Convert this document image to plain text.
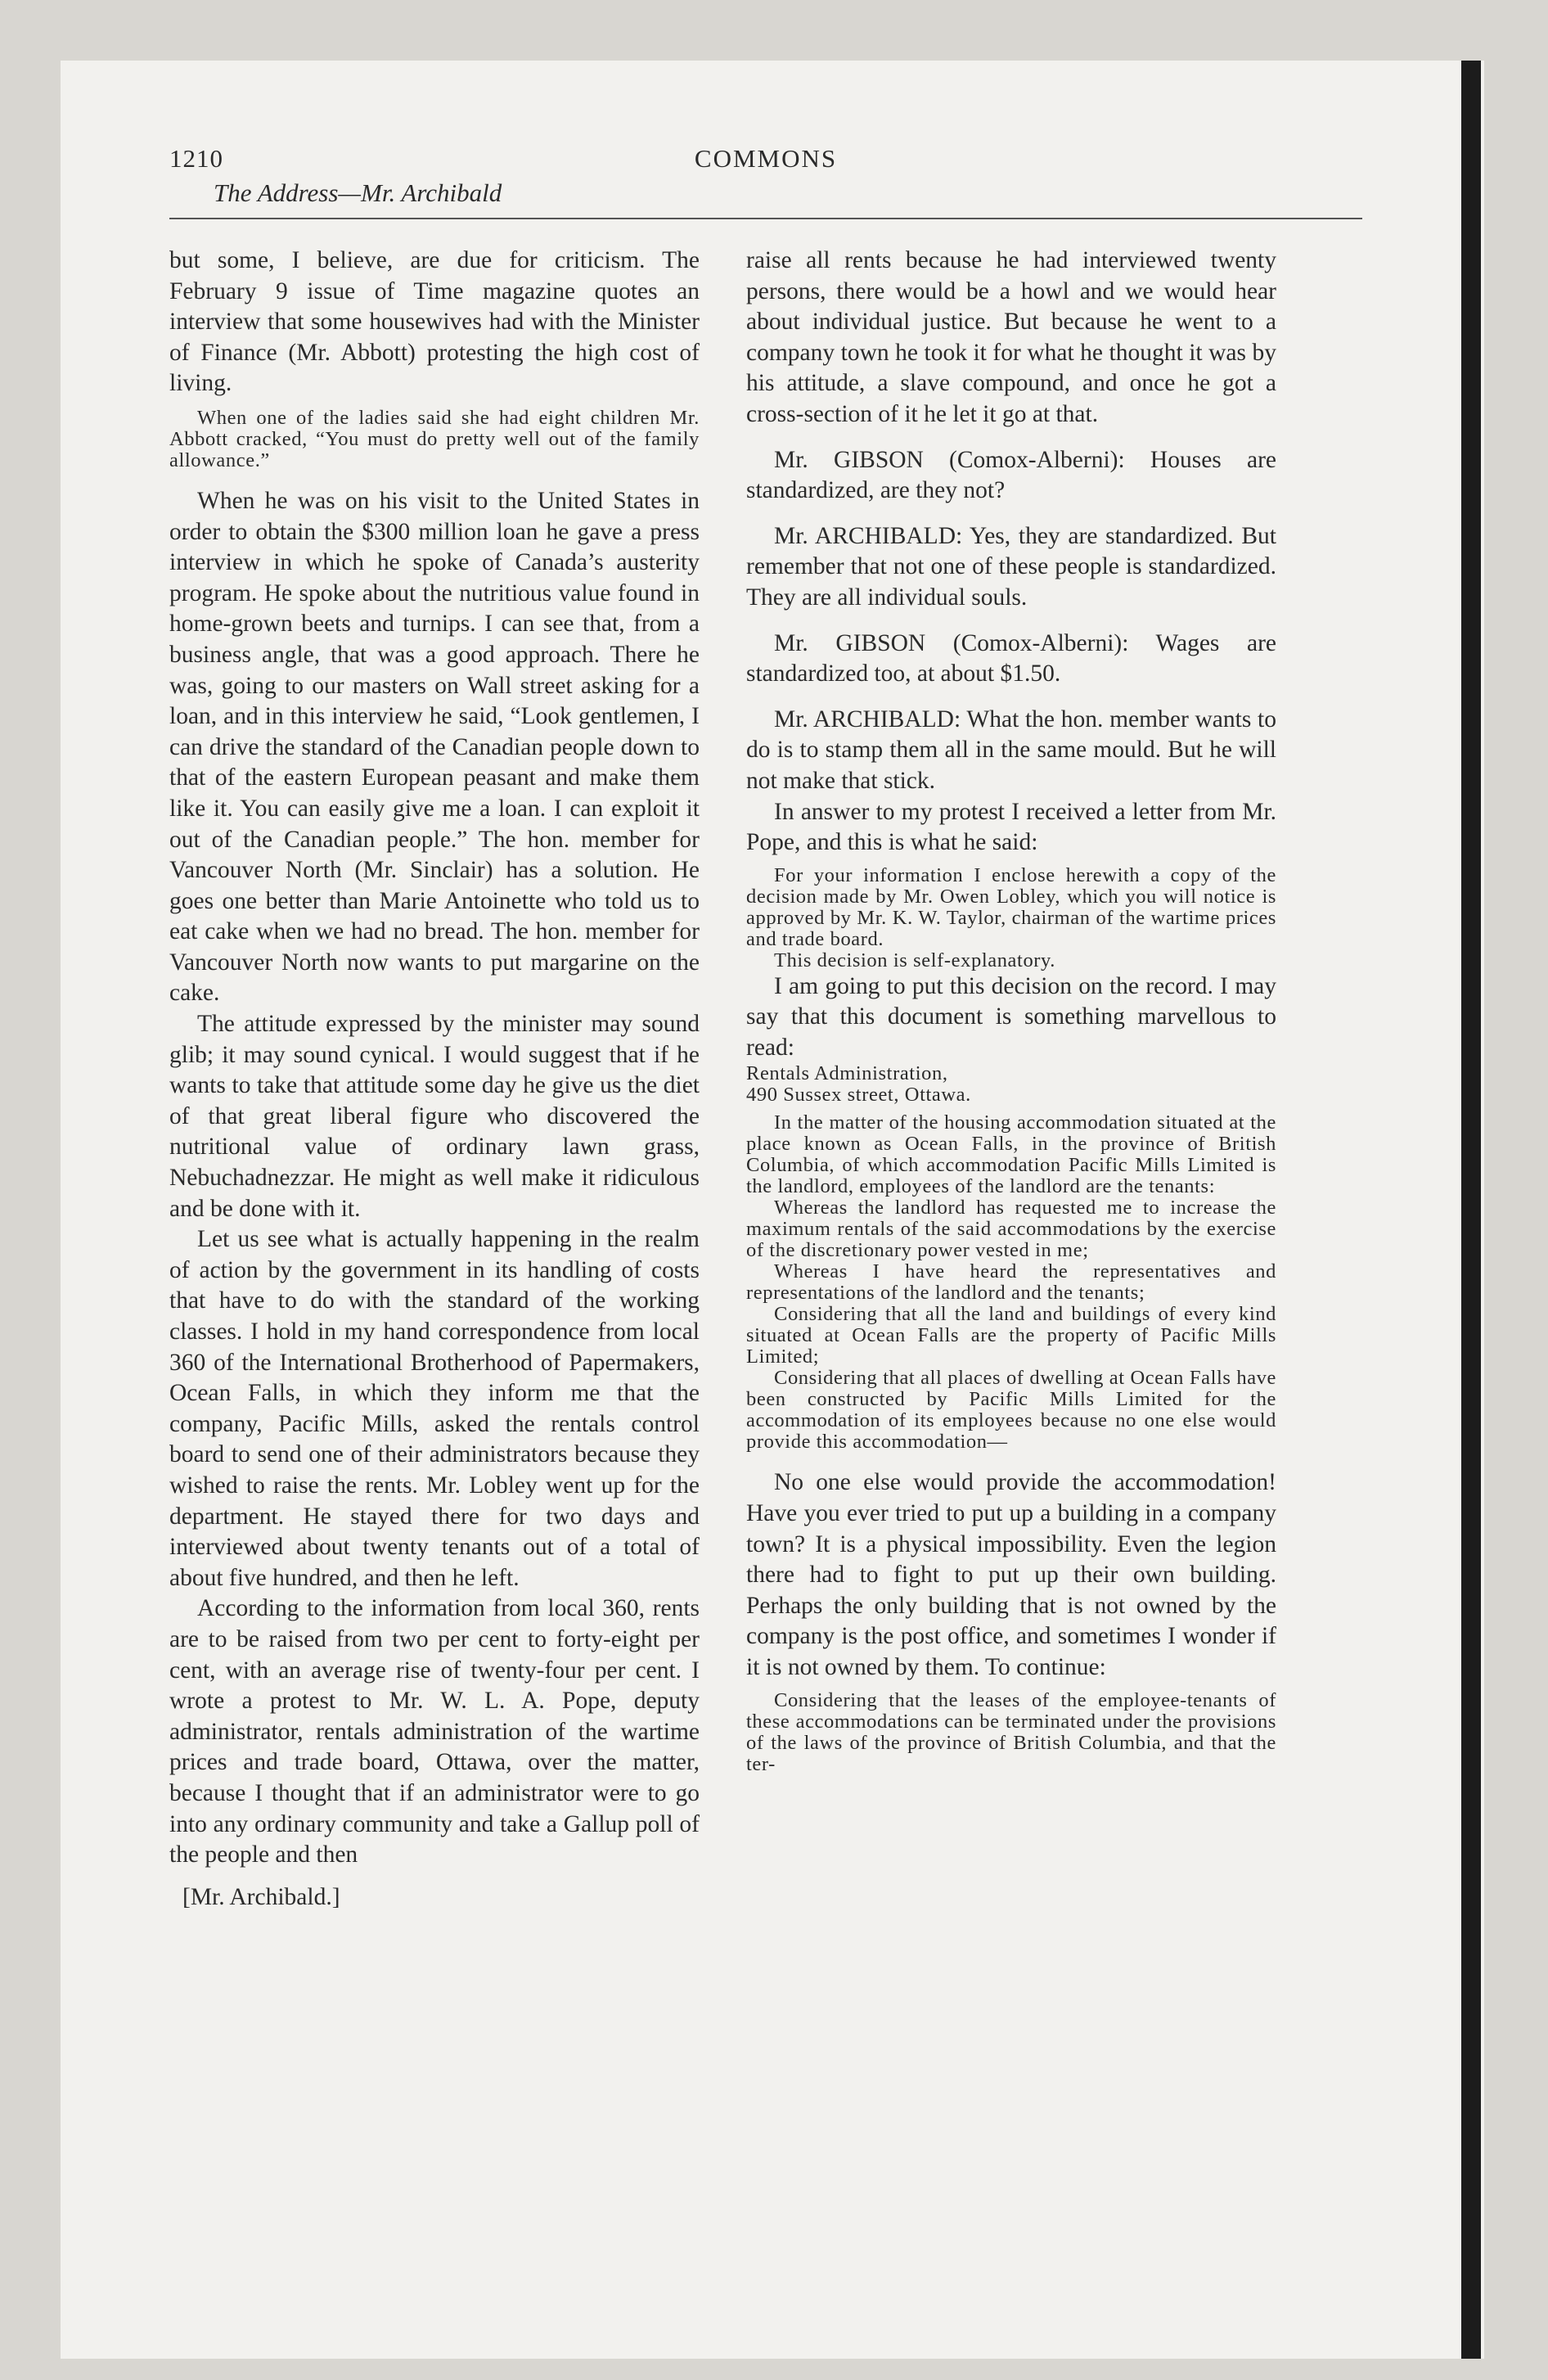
1210	COMMONS
The Address—Mr. Archibald

but some, I believe, are due for criticism. The February 9 issue of Time magazine quotes an interview that some housewives had with the Minister of Finance (Mr. Abbott) protesting the high cost of living.

When one of the ladies said she had eight children Mr. Abbott cracked, “You must do pretty well out of the family allowance.”

When he was on his visit to the United States in order to obtain the $300 million loan he gave a press interview in which he spoke of Canada’s austerity program. He spoke about the nutritious value found in home-grown beets and turnips. I can see that, from a business angle, that was a good approach. There he was, going to our masters on Wall street asking for a loan, and in this interview he said, “Look gentlemen, I can drive the standard of the Canadian people down to that of the eastern European peasant and make them like it. You can easily give me a loan. I can exploit it out of the Canadian people.” The hon. member for Vancouver North (Mr. Sinclair) has a solution. He goes one better than Marie Antoinette who told us to eat cake when we had no bread. The hon. member for Vancouver North now wants to put margarine on the cake.

The attitude expressed by the minister may sound glib; it may sound cynical. I would suggest that if he wants to take that attitude some day he give us the diet of that great liberal figure who discovered the nutritional value of ordinary lawn grass, Nebuchadnezzar. He might as well make it ridiculous and be done with it.

Let us see what is actually happening in the realm of action by the government in its handling of costs that have to do with the standard of the working classes. I hold in my hand correspondence from local 360 of the International Brotherhood of Papermakers, Ocean Falls, in which they inform me that the company, Pacific Mills, asked the rentals control board to send one of their administrators because they wished to raise the rents. Mr. Lobley went up for the department. He stayed there for two days and interviewed about twenty tenants out of a total of about five hundred, and then he left.

According to the information from local 360, rents are to be raised from two per cent to forty-eight per cent, with an average rise of twenty-four per cent. I wrote a protest to Mr. W. L. A. Pope, deputy administrator, rentals administration of the wartime prices and trade board, Ottawa, over the matter, because I thought that if an administrator were to go into any ordinary community and take a Gallup poll of the people and then

[Mr. Archibald.]

raise all rents because he had interviewed twenty persons, there would be a howl and we would hear about individual justice. But because he went to a company town he took it for what he thought it was by his attitude, a slave compound, and once he got a cross-section of it he let it go at that.

Mr. GIBSON (Comox-Alberni): Houses are standardized, are they not?

Mr. ARCHIBALD: Yes, they are standardized. But remember that not one of these people is standardized. They are all individual souls.

Mr. GIBSON (Comox-Alberni): Wages are standardized too, at about $1.50.

Mr. ARCHIBALD: What the hon. member wants to do is to stamp them all in the same mould. But he will not make that stick.

In answer to my protest I received a letter from Mr. Pope, and this is what he said:

For your information I enclose herewith a copy of the decision made by Mr. Owen Lobley, which you will notice is approved by Mr. K. W. Taylor, chairman of the wartime prices and trade board.

This decision is self-explanatory.

I am going to put this decision on the record. I may say that this document is something marvellous to read:

Rentals Administration,

490 Sussex street, Ottawa.

In the matter of the housing accommodation situated at the place known as Ocean Falls, in the province of British Columbia, of which accommodation Pacific Mills Limited is the landlord, employees of the landlord are the tenants:

Whereas the landlord has requested me to increase the maximum rentals of the said accommodations by the exercise of the discretionary power vested in me;

Whereas I have heard the representatives and representations of the landlord and the tenants;

Considering that all the land and buildings of every kind situated at Ocean Falls are the property of Pacific Mills Limited;

Considering that all places of dwelling at Ocean Falls have been constructed by Pacific Mills Limited for the accommodation of its employees because no one else would provide this accommodation—

No one else would provide the accommodation! Have you ever tried to put up a building in a company town? It is a physical impossibility. Even the legion there had to fight to put up their own building. Perhaps the only building that is not owned by the company is the post office, and sometimes I wonder if it is not owned by them. To continue:

Considering that the leases of the employee-tenants of these accommodations can be terminated under the provisions of the laws of the province of British Columbia, and that the ter-
